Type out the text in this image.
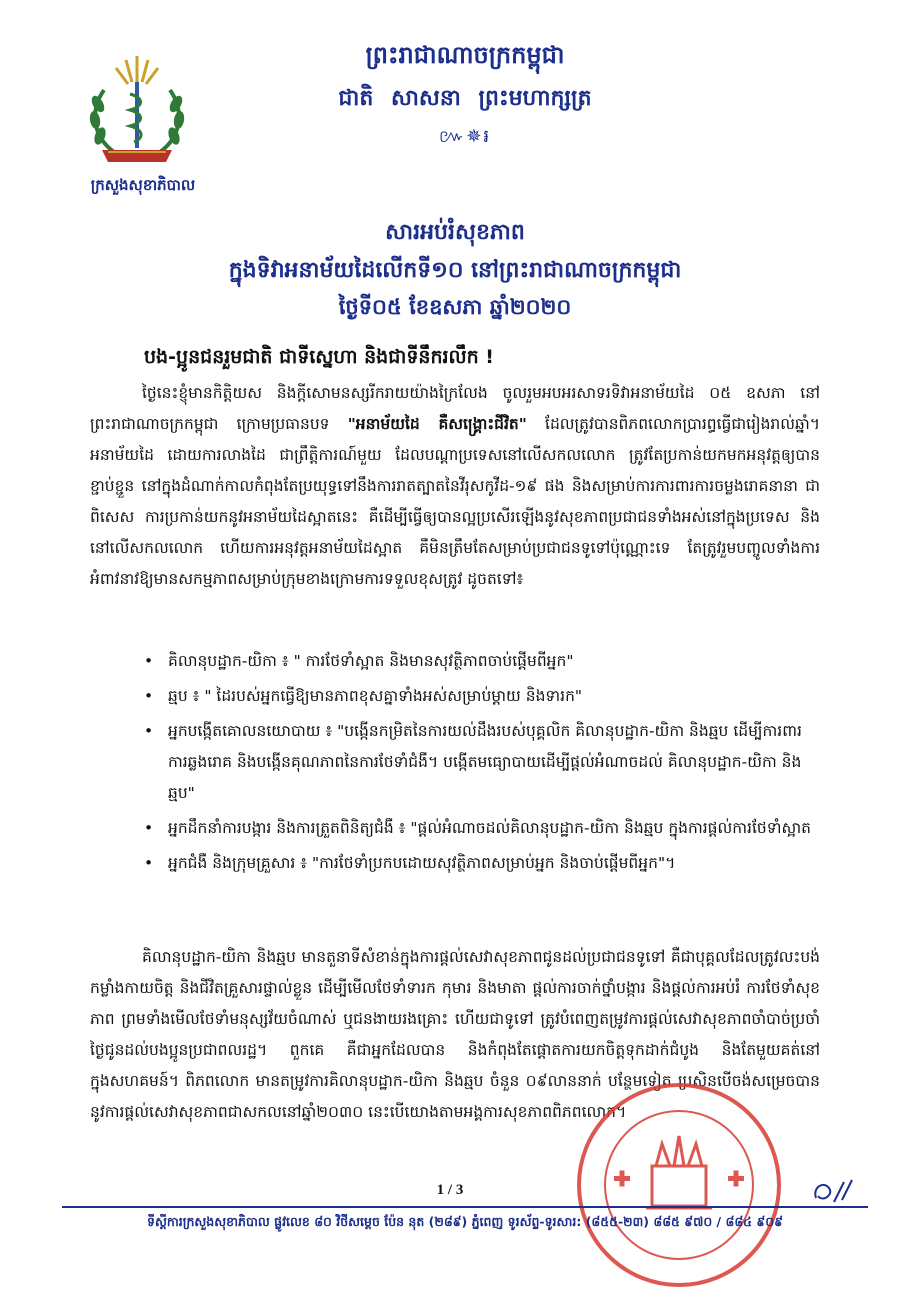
ក្រសួងសុខាភិបាល
ព្រះរាជាណាចក្រកម្ពុជា
ជាតិ សាសនា ព្រះមហាក្សត្រ
៚✵៛
សារអប់រំសុខភាព
ក្នុងទិវាអនាម័យដៃលើកទី១០ នៅព្រះរាជាណាចក្រកម្ពុជា
ថ្ងៃទី០៥ ខែឧសភា ឆ្នាំ២០២០
បង-ប្អូនជនរួមជាតិ ជាទីស្នេហា និងជាទីនឹករលឹក !
ថ្ងៃនេះខ្ញុំមានកិត្តិយស និងក្តីសោមនស្សរីករាយយ៉ាងក្រៃលែង ចូលរួមអបអរសាទរទិវាអនាម័យដៃ ០៥ ឧសភា នៅព្រះរាជាណាចក្រកម្ពុជា ក្រោមប្រធានបទ "អនាម័យដៃ គឺសង្គ្រោះជីវិត" ដែលត្រូវបានពិភពលោកប្រារព្ធធ្វើជារៀងរាល់ឆ្នាំ។ អនាម័យដៃ ដោយការលាងដៃ ជាព្រឹត្តិការណ៍មួយ ដែលបណ្តាប្រទេសនៅលើសកលលោក ត្រូវតែប្រកាន់យកមកអនុវត្តឲ្យបានខ្ជាប់ខ្ជួន នៅក្នុងដំណាក់កាលកំពុងតែប្រយុទ្ធទៅនឹងការរាតត្បាតនៃវីរុសកូវីដ-១៩ ផង និងសម្រាប់ការការពារការចម្លងរោគនានា ជាពិសេស ការប្រកាន់យកនូវអនាម័យដៃស្អាតនេះ គឺដើម្បីធ្វើឲ្យបានល្អប្រសើរឡើងនូវសុខភាពប្រជាជនទាំងអស់នៅក្នុងប្រទេស និងនៅលើសកលលោក ហើយការអនុវត្តអនាម័យដៃស្អាត គឺមិនត្រឹមតែសម្រាប់ប្រជាជនទូទៅប៉ុណ្ណោះទេ តែត្រូវរួមបញ្ចូលទាំងការអំពាវនាវឱ្យមានសកម្មភាពសម្រាប់ក្រុមខាងក្រោមការទទួលខុសត្រូវ ដូចតទៅ៖
• គិលានុបដ្ឋាក-យិកា ៖ " ការថែទាំស្អាត និងមានសុវត្ថិភាពចាប់ផ្តើមពីអ្នក"
• ឆ្មប ៖ " ដៃរបស់អ្នកធ្វើឱ្យមានភាពខុសគ្នាទាំងអស់សម្រាប់ម្តាយ និងទារក"
• អ្នកបង្កើតគោលនយោបាយ ៖ "បង្កើនកម្រិតនៃការយល់ដឹងរបស់បុគ្គលិក គិលានុបដ្ឋាក-យិកា និងឆ្មប ដើម្បីការពារការឆ្លងរោគ និងបង្កើនគុណភាពនៃការថែទាំជំងឺ។ បង្កើតមធ្យោបាយដើម្បីផ្តល់អំណាចដល់ គិលានុបដ្ឋាក-យិកា និងឆ្មប"
• អ្នកដឹកនាំការបង្ការ និងការត្រួតពិនិត្យជំងឺ ៖ "ផ្តល់អំណាចដល់គិលានុបដ្ឋាក-យិកា និងឆ្មប ក្នុងការផ្តល់ការថែទាំស្អាត
• អ្នកជំងឺ និងក្រុមគ្រួសារ ៖ "ការថែទាំប្រកបដោយសុវត្ថិភាពសម្រាប់អ្នក និងចាប់ផ្តើមពីអ្នក"។
គិលានុបដ្ឋាក-យិកា និងឆ្មប មានតួនាទីសំខាន់ក្នុងការផ្តល់សេវាសុខភាពជូនដល់ប្រជាជនទូទៅ គឺជាបុគ្គលដែលត្រូវលះបង់កម្លាំងកាយចិត្ត និងជីវិតគ្រួសារផ្ទាល់ខ្លួន ដើម្បីមើលថែទាំទារក កុមារ និងមាតា ផ្តល់ការចាក់ថ្នាំបង្ការ និងផ្តល់ការអប់រំ ការថែទាំសុខភាព ព្រមទាំងមើលថែទាំមនុស្សវ័យចំណាស់ ឬជនងាយរងគ្រោះ ហើយជាទូទៅ ត្រូវបំពេញតម្រូវការផ្តល់សេវាសុខភាពចាំបាច់ប្រចាំថ្ងៃជូនដល់បងប្អូនប្រជាពលរដ្ឋ។ ពួកគេ គឺជាអ្នកដែលបាន និងកំពុងតែផ្តោតការយកចិត្តទុកដាក់ជំបូង និងតែមួយគត់នៅក្នុងសហគមន៍។ ពិភពលោក មានតម្រូវការគិលានុបដ្ឋាក-យិកា និងឆ្មប ចំនួន ០៩លាននាក់ បន្ថែមទៀត ប្រសិនបើចង់សម្រេចបាននូវការផ្តល់សេវាសុខភាពជាសកលនៅឆ្នាំ២០៣០ នេះបើយោងតាមអង្គការសុខភាពពិភពលោក។
1 / 3
ទីស្តីការក្រសួងសុខាភិបាល ផ្លូវលេខ ៨០ វិថីសម្តេច ប៉ែន នុត (២៨៩) ភ្នំពេញ ទូរស័ព្ទ-ទូរសារ: (៨៥៥-២៣) ៨៨៥ ៩៧០ / ៨៨៤ ៩០៩
